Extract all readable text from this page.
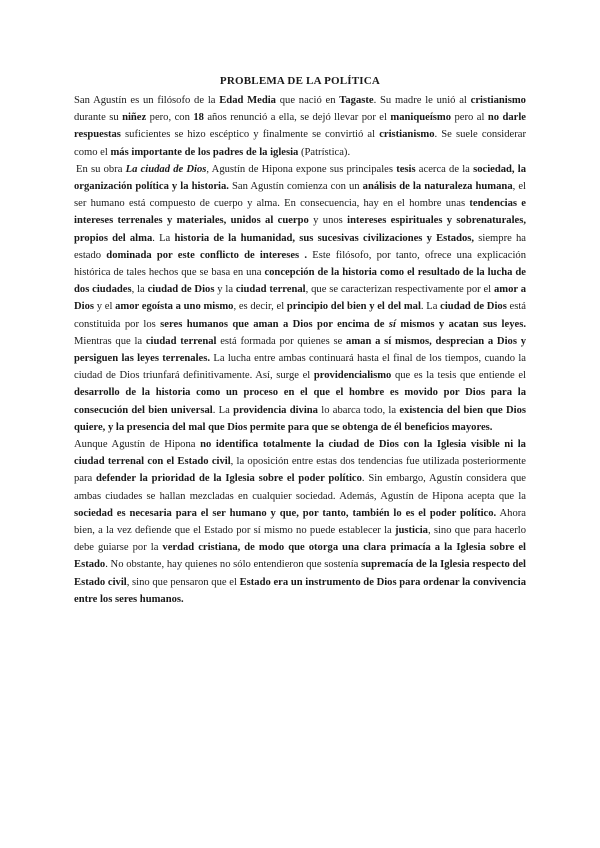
PROBLEMA DE LA POLÍTICA

San Agustín es un filósofo de la Edad Media que nació en Tagaste. Su madre le unió al cristianismo durante su niñez pero, con 18 años renunció a ella, se dejó llevar por el maniqueísmo pero al no darle respuestas suficientes se hizo escéptico y finalmente se convirtió al cristianismo. Se suele considerar como el más importante de los padres de la iglesia (Patrística).

En su obra La ciudad de Dios, Agustín de Hipona expone sus principales tesis acerca de la sociedad, la organización política y la historia. San Agustín comienza con un análisis de la naturaleza humana, el ser humano está compuesto de cuerpo y alma. En consecuencia, hay en el hombre unas tendencias e intereses terrenales y materiales, unidos al cuerpo y unos intereses espirituales y sobrenaturales, propios del alma. La historia de la humanidad, sus sucesivas civilizaciones y Estados, siempre ha estado dominada por este conflicto de intereses . Este filósofo, por tanto, ofrece una explicación histórica de tales hechos que se basa en una concepción de la historia como el resultado de la lucha de dos ciudades, la ciudad de Dios y la ciudad terrenal, que se caracterizan respectivamente por el amor a Dios y el amor egoísta a uno mismo, es decir, el principio del bien y el del mal. La ciudad de Dios está constituida por los seres humanos que aman a Dios por encima de sí mismos y acatan sus leyes. Mientras que la ciudad terrenal está formada por quienes se aman a sí mismos, desprecian a Dios y persiguen las leyes terrenales. La lucha entre ambas continuará hasta el final de los tiempos, cuando la ciudad de Dios triunfará definitivamente. Así, surge el providencialismo que es la tesis que entiende el desarrollo de la historia como un proceso en el que el hombre es movido por Dios para la consecución del bien universal. La providencia divina lo abarca todo, la existencia del bien que Dios quiere, y la presencia del mal que Dios permite para que se obtenga de él beneficios mayores.

Aunque Agustín de Hipona no identifica totalmente la ciudad de Dios con la Iglesia visible ni la ciudad terrenal con el Estado civil, la oposición entre estas dos tendencias fue utilizada posteriormente para defender la prioridad de la Iglesia sobre el poder político. Sin embargo, Agustín considera que ambas ciudades se hallan mezcladas en cualquier sociedad. Además, Agustín de Hipona acepta que la sociedad es necesaria para el ser humano y que, por tanto, también lo es el poder político. Ahora bien, a la vez defiende que el Estado por sí mismo no puede establecer la justicia, sino que para hacerlo debe guiarse por la verdad cristiana, de modo que otorga una clara primacía a la Iglesia sobre el Estado. No obstante, hay quienes no sólo entendieron que sostenía supremacía de la Iglesia respecto del Estado civil, sino que pensaron que el Estado era un instrumento de Dios para ordenar la convivencia entre los seres humanos.
